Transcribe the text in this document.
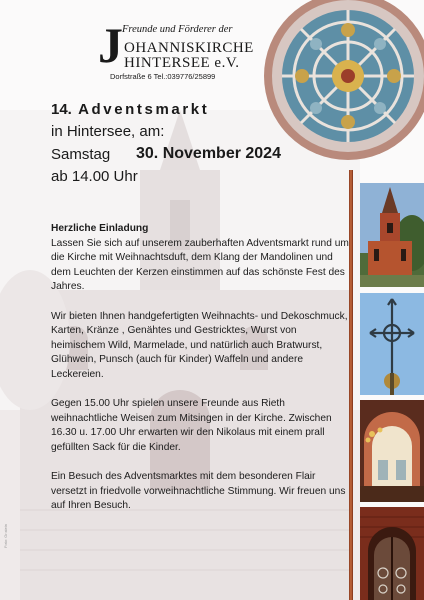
J Freunde und Förderer der
OHANNISKIRCHE
HINTERSEE e.V.
Dorfstraße 6 Tel.:039776/25899
14. Adventsmarkt
in Hintersee, am:
Samstag 30. November 2024
ab 14.00 Uhr
Herzliche Einladung

Lassen Sie sich auf unserem zauberhaften Adventsmarkt rund um die Kirche mit Weihnachtsduft, dem Klang der Mandolinen und dem Leuchten der Kerzen einstimmen auf das schönste Fest des Jahres.

Wir bieten Ihnen handgefertigten Weihnachts- und Dekoschmuck, Karten, Kränze , Genähtes und Gestricktes, Wurst von heimischem Wild, Marmelade, und natürlich auch Bratwurst, Glühwein, Punsch (auch für Kinder) Waffeln und andere Leckereien.

Gegen 15.00 Uhr spielen unsere Freunde aus Rieth weihnachtliche Weisen zum Mitsingen in der Kirche. Zwischen 16.30 u. 17.00 Uhr erwarten wir den Nikolaus mit einem prall gefüllten Sack für die Kinder.

Ein Besuch des Adventsmarktes mit dem besonderen Flair versetzt in friedvolle vorweihnachtliche Stimmung. Wir freuen uns auf Ihren Besuch.

Foto: Gr.stein
